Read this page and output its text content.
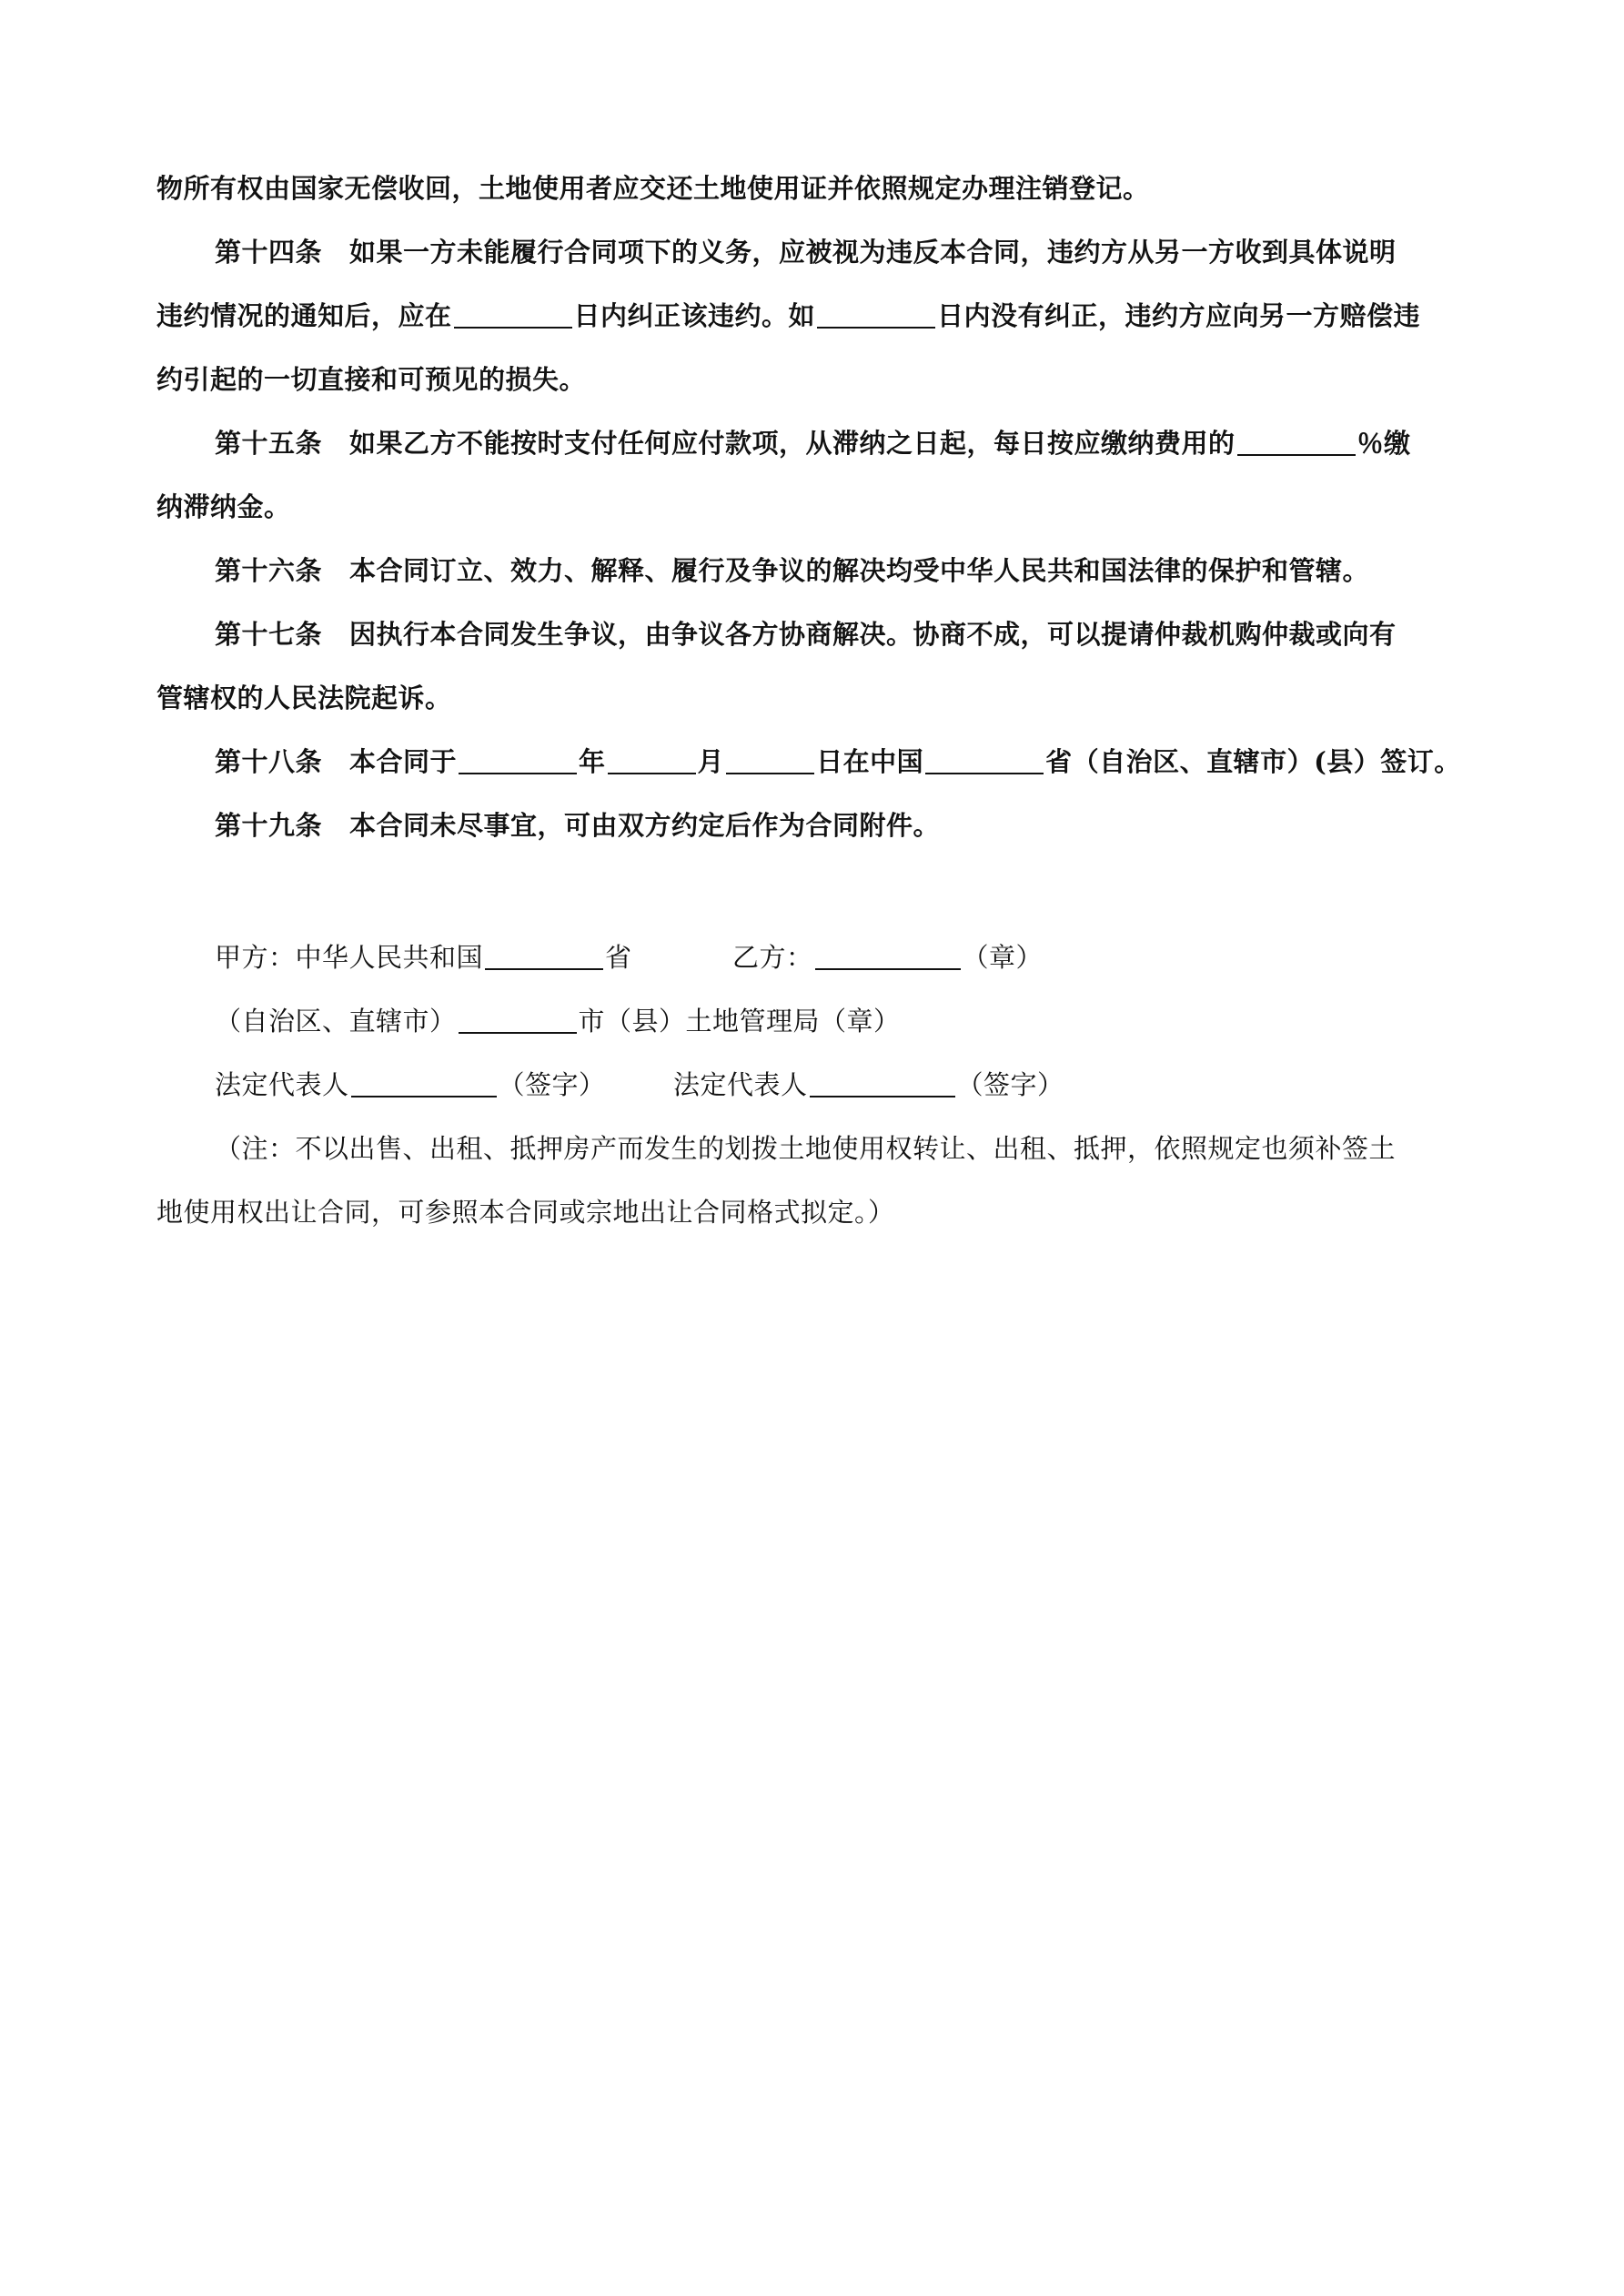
物所有权由国家无偿收回，土地使用者应交还土地使用证并依照规定办理注销登记。
第十四条 如果一方未能履行合同项下的义务，应被视为违反本合同，违约方从另一方收到具体说明
违约情况的通知后，应在	日内纠正该违约。如	日内没有纠正，违约方应向另一方赔偿违
约引起的一切直接和可预见的损失。
第十五条 如果乙方不能按时支付任何应付款项，从滞纳之日起，每日按应缴纳费用的	％缴
纳滞纳金。
第十六条 本合同订立、效力、解释、履行及争议的解决均受中华人民共和国法律的保护和管辖。
第十七条 因执行本合同发生争议，由争议各方协商解决。协商不成，可以提请仲裁机购仲裁或向有
管辖权的人民法院起诉。
第十八条 本合同于	年	月	日在中国	省（自治区、直辖市）(县）签订。
第十九条 本合同未尽事宜，可由双方约定后作为合同附件。
甲方：中华人民共和国	省	乙方：	（章）
（自治区、直辖市）	市（县）土地管理局（章）
法定代表人	（签字）	法定代表人	（签字）
（注：不以出售、出租、抵押房产而发生的划拨土地使用权转让、出租、抵押，依照规定也须补签土
地使用权出让合同，可参照本合同或宗地出让合同格式拟定。）
